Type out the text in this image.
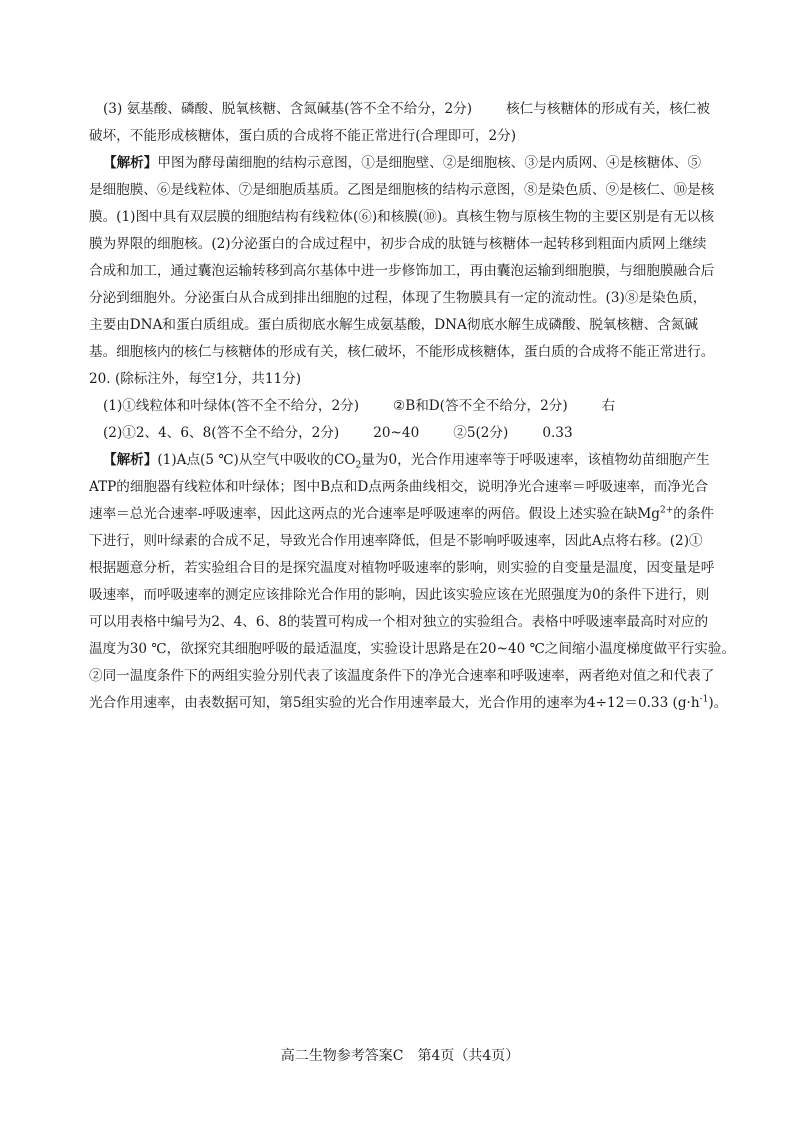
(3) 氨基酸、磷酸、脱氧核糖、含氮碱基(答不全不给分，2分)	核仁与核糖体的形成有关，核仁被
破坏，不能形成核糖体，蛋白质的合成将不能正常进行(合理即可，2分)
【解析】甲图为酵母菌细胞的结构示意图，①是细胞壁、②是细胞核、③是内质网、④是核糖体、⑤
是细胞膜、⑥是线粒体、⑦是细胞质基质。乙图是细胞核的结构示意图，⑧是染色质、⑨是核仁、⑩是核
膜。(1)图中具有双层膜的细胞结构有线粒体(⑥)和核膜(⑩)。真核生物与原核生物的主要区别是有无以核
膜为界限的细胞核。(2)分泌蛋白的合成过程中，初步合成的肽链与核糖体一起转移到粗面内质网上继续
合成和加工，通过囊泡运输转移到高尔基体中进一步修饰加工，再由囊泡运输到细胞膜，与细胞膜融合后
分泌到细胞外。分泌蛋白从合成到排出细胞的过程，体现了生物膜具有一定的流动性。(3)⑧是染色质，
主要由DNA和蛋白质组成。蛋白质彻底水解生成氨基酸，DNA彻底水解生成磷酸、脱氧核糖、含氮碱
基。细胞核内的核仁与核糖体的形成有关，核仁破坏，不能形成核糖体，蛋白质的合成将不能正常进行。
20. (除标注外，每空1分，共11分)
(1)①线粒体和叶绿体(答不全不给分，2分)	②B和D(答不全不给分，2分)	右
(2)①2、4、6、8(答不全不给分，2分)	20~40	②5(2分)	0.33
【解析】(1)A点(5 ℃)从空气中吸收的$CO_2$量为0，光合作用速率等于呼吸速率，该植物幼苗细胞产生
ATP的细胞器有线粒体和叶绿体；图中B点和D点两条曲线相交，说明净光合速率＝呼吸速率，而净光合
速率＝总光合速率-呼吸速率，因此这两点的光合速率是呼吸速率的两倍。假设上述实验在缺$Mg^{2+}$的条件
下进行，则叶绿素的合成不足，导致光合作用速率降低，但是不影响呼吸速率，因此A点将右移。(2)①
根据题意分析，若实验组合目的是探究温度对植物呼吸速率的影响，则实验的自变量是温度，因变量是呼
吸速率，而呼吸速率的测定应该排除光合作用的影响，因此该实验应该在光照强度为0的条件下进行，则
可以用表格中编号为2、4、6、8的装置可构成一个相对独立的实验组合。表格中呼吸速率最高时对应的
温度为30 ℃，欲探究其细胞呼吸的最适温度，实验设计思路是在20~40 ℃之间缩小温度梯度做平行实验。
②同一温度条件下的两组实验分别代表了该温度条件下的净光合速率和呼吸速率，两者绝对值之和代表了
光合作用速率，由表数据可知，第5组实验的光合作用速率最大，光合作用的速率为4÷12＝0.33 $(g\cdot h^{-1})$。
高二生物参考答案C　第4页（共4页）
